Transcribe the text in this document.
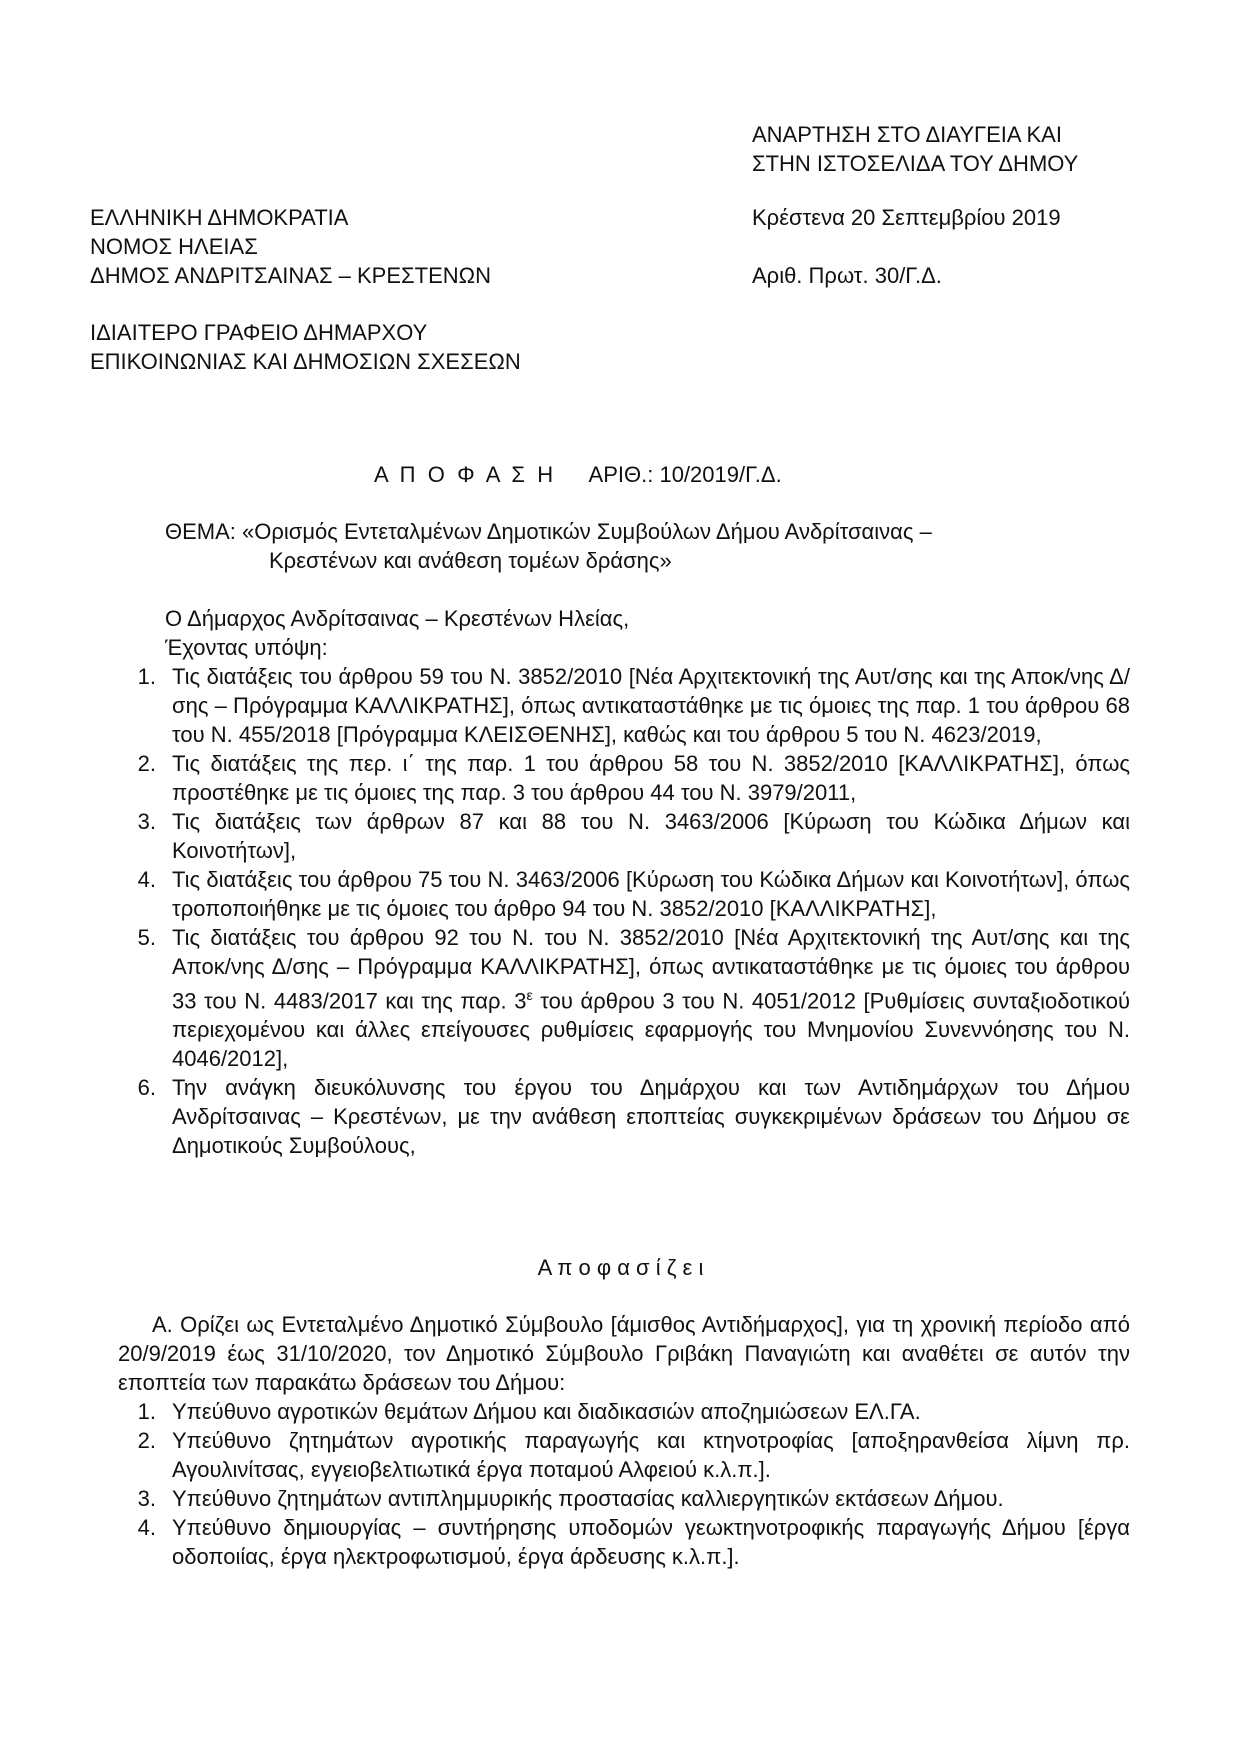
ΑΝΑΡΤΗΣΗ ΣΤΟ ΔΙΑΥΓΕΙΑ ΚΑΙ
ΣΤΗΝ ΙΣΤΟΣΕΛΙΔΑ ΤΟΥ ΔΗΜΟΥ
ΕΛΛΗΝΙΚΗ ΔΗΜΟΚΡΑΤΙΑ
ΝΟΜΟΣ ΗΛΕΙΑΣ
ΔΗΜΟΣ ΑΝΔΡΙΤΣΑΙΝΑΣ – ΚΡΕΣΤΕΝΩΝ
Κρέστενα 20 Σεπτεμβρίου 2019
Αριθ. Πρωτ. 30/Γ.Δ.
ΙΔΙΑΙΤΕΡΟ ΓΡΑΦΕΙΟ ΔΗΜΑΡΧΟΥ
ΕΠΙΚΟΙΝΩΝΙΑΣ ΚΑΙ ΔΗΜΟΣΙΩΝ ΣΧΕΣΕΩΝ
Α  Π  Ο  Φ  Α  Σ  Η      ΑΡΙΘ.: 10/2019/Γ.Δ.
ΘΕΜΑ: «Ορισμός Εντεταλμένων Δημοτικών Συμβούλων Δήμου Ανδρίτσαινας –
Κρεστένων και ανάθεση τομέων δράσης»
Ο Δήμαρχος Ανδρίτσαινας – Κρεστένων Ηλείας,
Έχοντας υπόψη:
1. Τις διατάξεις του άρθρου 59 του Ν. 3852/2010 [Νέα Αρχιτεκτονική της Αυτ/σης και της Αποκ/νης Δ/σης – Πρόγραμμα ΚΑΛΛΙΚΡΑΤΗΣ], όπως αντικαταστάθηκε με τις όμοιες της παρ. 1 του άρθρου 68 του Ν. 455/2018 [Πρόγραμμα ΚΛΕΙΣΘΕΝΗΣ], καθώς και του άρθρου 5 του Ν. 4623/2019,
2. Τις διατάξεις της περ. ι΄ της παρ. 1 του άρθρου 58 του Ν. 3852/2010 [ΚΑΛΛΙΚΡΑΤΗΣ], όπως προστέθηκε με τις όμοιες της παρ. 3 του άρθρου 44 του Ν. 3979/2011,
3. Τις διατάξεις των άρθρων 87 και 88 του Ν. 3463/2006 [Κύρωση του Κώδικα Δήμων και Κοινοτήτων],
4. Τις διατάξεις του άρθρου 75 του Ν. 3463/2006 [Κύρωση του Κώδικα Δήμων και Κοινοτήτων], όπως τροποποιήθηκε με τις όμοιες του άρθρο 94 του Ν. 3852/2010 [ΚΑΛΛΙΚΡΑΤΗΣ],
5. Τις διατάξεις του άρθρου 92 του Ν. του Ν. 3852/2010 [Νέα Αρχιτεκτονική της Αυτ/σης και της Αποκ/νης Δ/σης – Πρόγραμμα ΚΑΛΛΙΚΡΑΤΗΣ], όπως αντικαταστάθηκε με τις όμοιες του άρθρου 33 του Ν. 4483/2017 και της παρ. $3^\varepsilon$ του άρθρου 3 του Ν. 4051/2012 [Ρυθμίσεις συνταξιοδοτικού περιεχομένου και άλλες επείγουσες ρυθμίσεις εφαρμογής του Μνημονίου Συνεννόησης του Ν. 4046/2012],
6. Την ανάγκη διευκόλυνσης του έργου του Δημάρχου και των Αντιδημάρχων του Δήμου Ανδρίτσαινας – Κρεστένων, με την ανάθεση εποπτείας συγκεκριμένων δράσεων του Δήμου σε Δημοτικούς Συμβούλους,
Α π ο φ α σ ί ζ ε ι
Α. Ορίζει ως Εντεταλμένο Δημοτικό Σύμβουλο [άμισθος Αντιδήμαρχος], για τη χρονική περίοδο από 20/9/2019 έως 31/10/2020, τον Δημοτικό Σύμβουλο Γριβάκη Παναγιώτη και αναθέτει σε αυτόν την εποπτεία των παρακάτω δράσεων του Δήμου:
1. Υπεύθυνο αγροτικών θεμάτων Δήμου και διαδικασιών αποζημιώσεων ΕΛ.ΓΑ.
2. Υπεύθυνο ζητημάτων αγροτικής παραγωγής και κτηνοτροφίας [αποξηρανθείσα λίμνη πρ. Αγουλινίτσας, εγγειοβελτιωτικά έργα ποταμού Αλφειού κ.λ.π.].
3. Υπεύθυνο ζητημάτων αντιπλημμυρικής προστασίας καλλιεργητικών εκτάσεων Δήμου.
4. Υπεύθυνο δημιουργίας – συντήρησης υποδομών γεωκτηνοτροφικής παραγωγής Δήμου [έργα οδοποιίας, έργα ηλεκτροφωτισμού, έργα άρδευσης κ.λ.π.].
